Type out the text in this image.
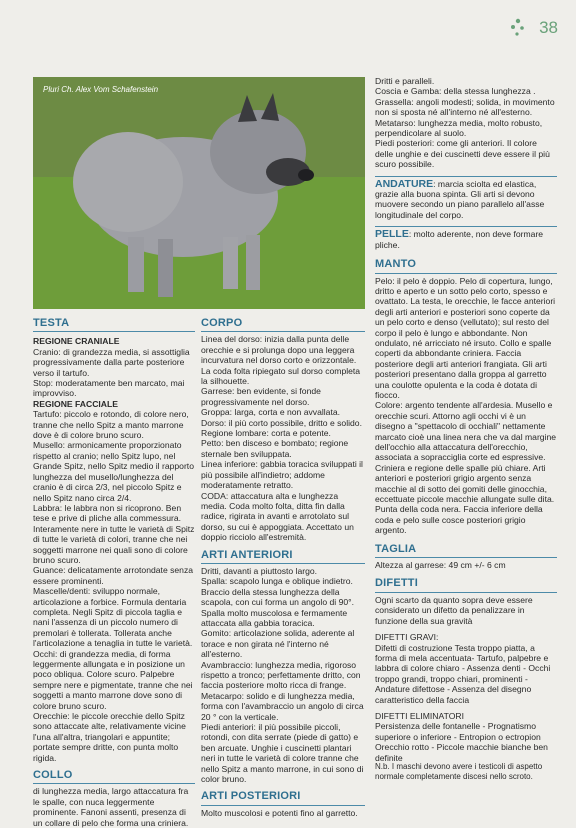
38
Pluri Ch. Alex Vom Schafenstein
TESTA

REGIONE CRANIALE

Cranio: di grandezza media, si assottiglia progressivamente dalla parte posteriore verso il tartufo.

Stop: moderatamente ben marcato, mai improvviso.

REGIONE FACCIALE

Tartufo: piccolo e rotondo, di colore nero, tranne che nello Spitz a manto marrone dove è di colore bruno scuro.

Musello: armonicamente proporzionato rispetto al cranio; nello Spitz lupo, nel Grande Spitz, nello Spitz medio il rapporto lunghezza del musello/lunghezza del cranio è di circa 2/3, nel piccolo Spitz e nello Spitz nano circa 2/4.

Labbra: le labbra non si ricoprono. Ben tese e prive di pliche alla commessura. Interamente nere in tutte le varietà di Spitz di tutte le varietà di colori, tranne che nei soggetti marrone nei quali sono di colore bruno scuro.

Guance: delicatamente arrotondate senza essere prominenti.

Mascelle/denti: sviluppo normale, articolazione a forbice. Formula dentaria completa. Negli Spitz di piccola taglia e nani l'assenza di un piccolo numero di premolari è tollerata. Tollerata anche l'articolazione a tenaglia in tutte le varietà.

Occhi: di grandezza media, di forma leggermente allungata e in posizione un poco obliqua. Colore scuro. Palpebre sempre nere e pigmentate, tranne che nei soggetti a manto marrone dove sono di colore bruno scuro.

Orecchie: le piccole orecchie dello Spitz sono attaccate alte, relativamente vicine l'una all'altra, triangolari e appuntite; portate sempre dritte, con punta molto rigida.

COLLO

di lunghezza media, largo attaccatura fra le spalle, con nuca leggermente prominente. Fanoni assenti, presenza di un collare di pelo che forma una criniera.

CORPO

Linea del dorso: inizia dalla punta delle orecchie e si prolunga dopo una leggera incurvatura nel dorso corto e orizzontale. La coda folta ripiegato sul dorso completa la silhouette.

Garrese: ben evidente, si fonde progressivamente nel dorso.

Groppa: larga, corta e non avvallata.

Dorso: il più corto possibile, dritto e solido.

Regione lombare: corta e potente.

Petto: ben disceso e bombato; regione sternale ben sviluppata.

Linea inferiore: gabbia toracica sviluppati il più possibile all'indietro; addome moderatamente retratto.

CODA: attaccatura alta e lunghezza media. Coda molto folta, ditta fin dalla radice, rigirata in avanti e arrotolato sul dorso, su cui è appoggiata. Accettato un doppio ricciolo all'estremità.

ARTI ANTERIORI

Dritti, davanti a piuttosto largo.

Spalla: scapolo lunga e oblique indietro. Braccio della stessa lunghezza della scapola, con cui forma un angolo di 90°. Spalla molto muscolosa e fermamente attaccata alla gabbia toracica.

Gomito: articolazione solida, aderente al torace e non girata né l'interno né all'esterno.

Avambraccio: lunghezza media, rigoroso rispetto a tronco; perfettamente dritto, con faccia posteriore molto ricca di frange.

Metacarpo: solido e di lunghezza media, forma con l'avambraccio un angolo di circa 20 ° con la verticale.

Piedi anteriori: il più possibile piccoli, rotondi, con dita serrate (piede di gatto) e ben arcuate. Unghie i cuscinetti plantari neri in tutte le varietà di colore tranne che nello Spitz a manto marrone, in cui sono di color bruno.

ARTI POSTERIORI

Molto muscolosi e potenti fino al garretto.

Dritti e paralleli.

Coscia e Gamba: della stessa lunghezza . Grassella: angoli modesti; solida, in movimento non si sposta né all'interno né all'esterno.

Metatarso: lunghezza media, molto robusto, perpendicolare al suolo.

Piedi posteriori: come gli anteriori. Il colore delle unghie e dei cuscinetti deve essere il più scuro possibile.

ANDATURE: marcia sciolta ed elastica, grazie alla buona spinta. Gli arti si devono muovere secondo un piano parallelo all'asse longitudinale del corpo.

PELLE: molto aderente, non deve formare pliche.

MANTO

Pelo: il pelo è doppio. Pelo di copertura, lungo, dritto e aperto e un sotto pelo corto, spesso e ovattato. La testa, le orecchie, le facce anteriori degli arti anteriori e posteriori sono coperte da un pelo corto e denso (vellutato); sul resto del corpo il pelo è lungo e abbondante. Non ondulato, né arricciato né irsuto. Collo e spalle coperti da abbondante criniera. Faccia posteriore degli arti anteriori frangiata. Gli arti posteriori presentano dalla groppa al garretto una coulotte opulenta e la coda è dotata di fiocco.

Colore: argento tendente all'ardesia. Musello e orecchie scuri. Attorno agli occhi vi è un disegno a "spettacolo di occhiali" nettamente marcato cioè una linea nera che va dal margine dell'occhio alla attaccatura dell'orecchio, associata a sopracciglia corte ed espressive. Criniera e regione delle spalle più chiare. Arti anteriori e posteriori grigio argento senza macchie al di sotto dei gomiti delle ginocchia, eccettuate piccole macchie allungate sulle dita. Punta della coda nera. Faccia inferiore della coda e pelo sulle cosce posteriori grigio argento.

TAGLIA

Altezza al garrese: 49 cm +/- 6 cm

DIFETTI

Ogni scarto da quanto sopra deve essere considerato un difetto da penalizzare in funzione della sua gravità

DIFETTI GRAVI:

Difetti di costruzione Testa troppo piatta, a forma di mela accentuata- Tartufo, palpebre e labbra di colore chiaro - Assenza denti - Occhi troppo grandi, troppo chiari, prominenti - Andature difettose - Assenza del disegno caratteristico della faccia

DIFETTI ELIMINATORI

Persistenza delle fontanelle - Prognatismo superiore o inferiore - Entropion o ectropion Orecchio rotto - Piccole macchie bianche ben definite

N.b. I maschi devono avere i testicoli di aspetto normale completamente discesi nello scroto.
